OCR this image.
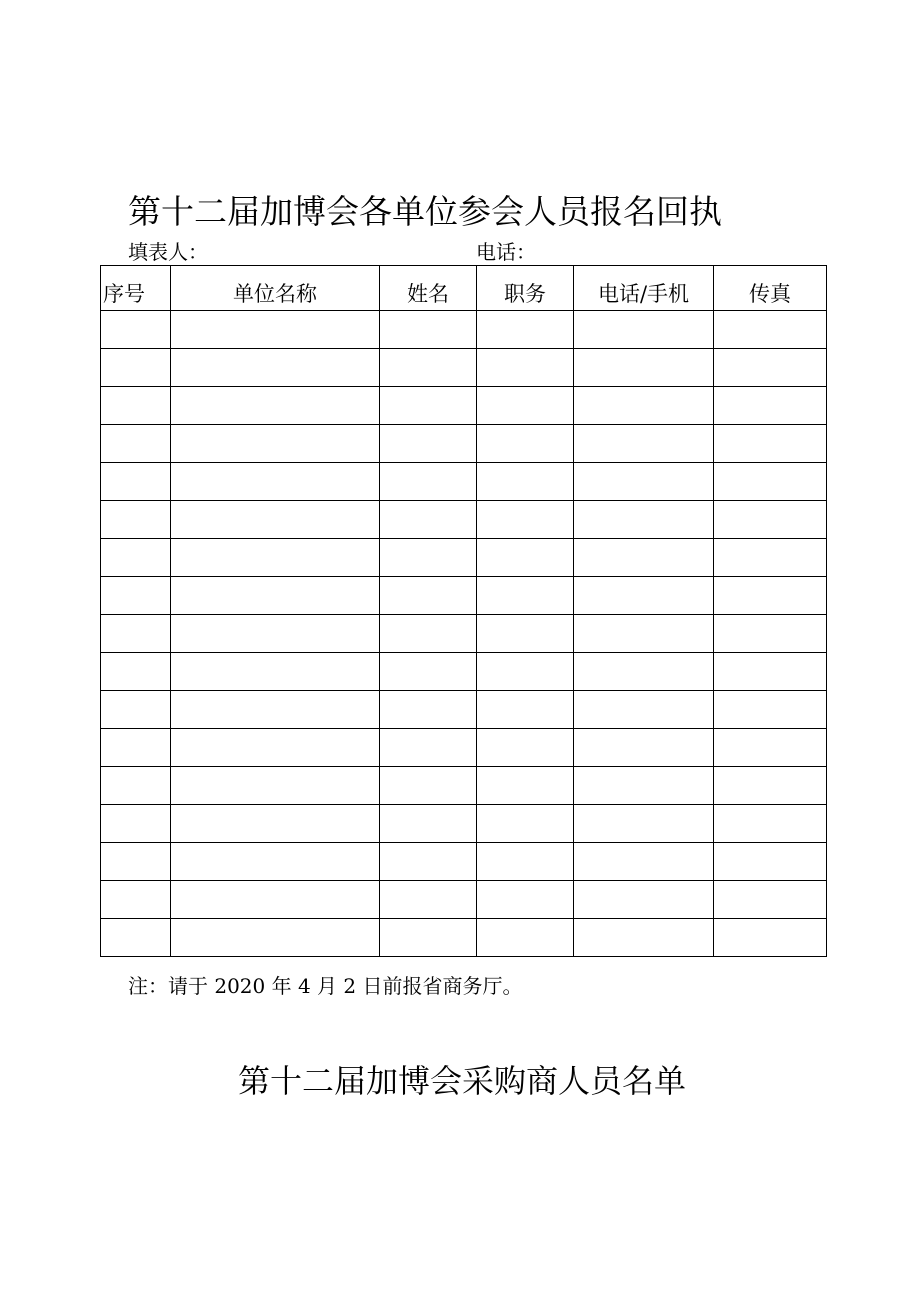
第十二届加博会各单位参会人员报名回执
填表人：	电话：
序号	单位名称	姓名	职务	电话/手机	传真

注：请于 2020 年 4 月 2 日前报省商务厅。
第十二届加博会采购商人员名单
